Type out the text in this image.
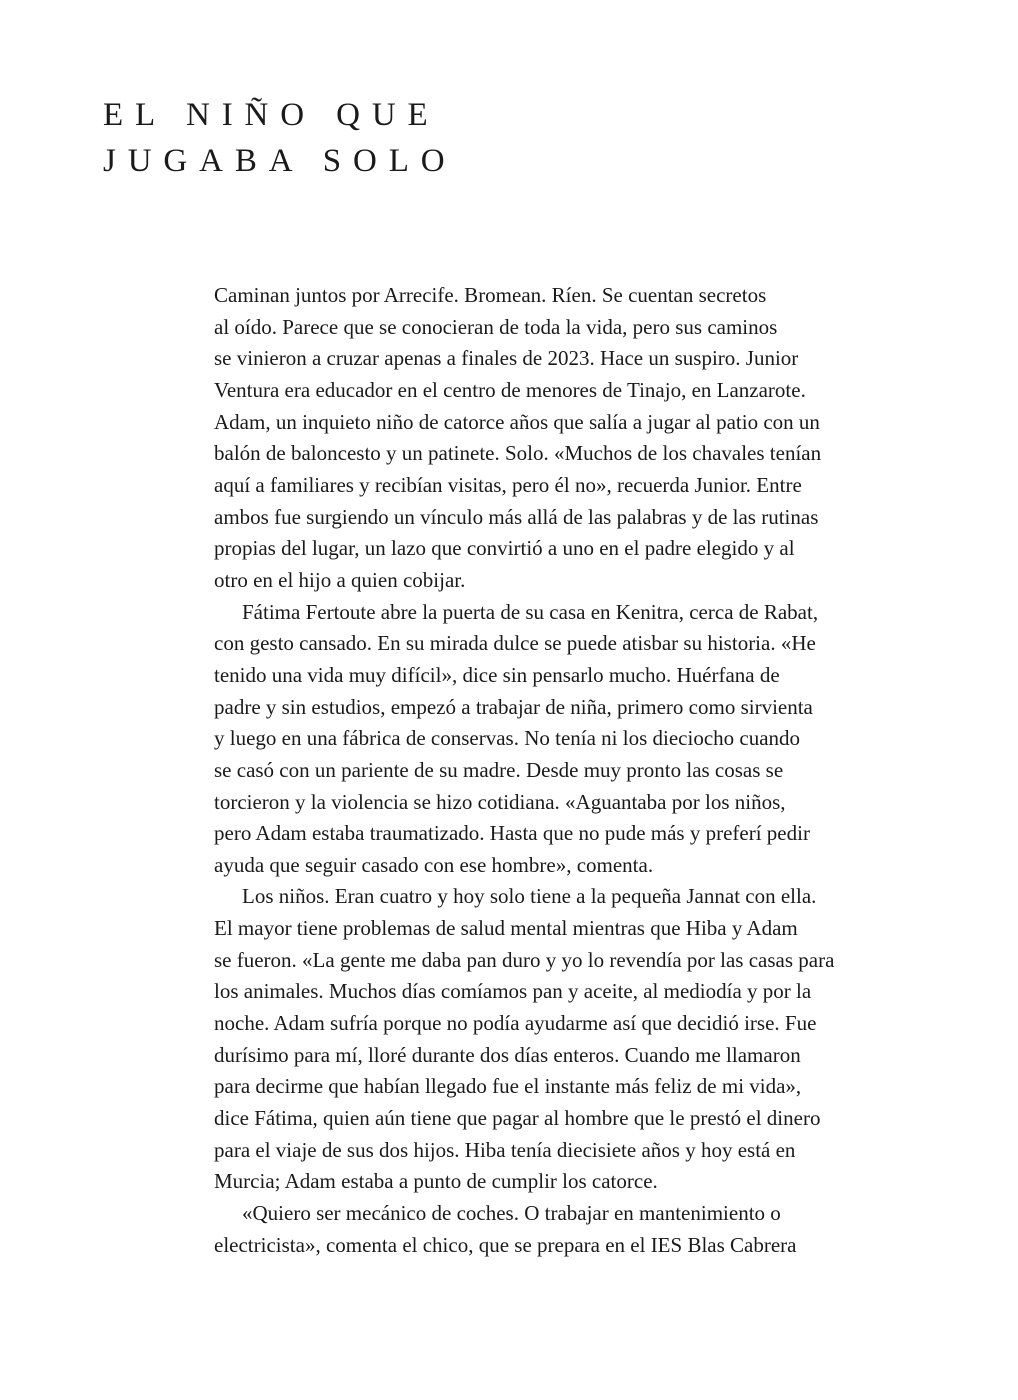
EL NIÑO QUE
JUGABA SOLO

Caminan juntos por Arrecife. Bromean. Ríen. Se cuentan secretos
al oído. Parece que se conocieran de toda la vida, pero sus caminos
se vinieron a cruzar apenas a finales de 2023. Hace un suspiro. Junior
Ventura era educador en el centro de menores de Tinajo, en Lanzarote.
Adam, un inquieto niño de catorce años que salía a jugar al patio con un
balón de baloncesto y un patinete. Solo. «Muchos de los chavales tenían
aquí a familiares y recibían visitas, pero él no», recuerda Junior. Entre
ambos fue surgiendo un vínculo más allá de las palabras y de las rutinas
propias del lugar, un lazo que convirtió a uno en el padre elegido y al
otro en el hijo a quien cobijar.

Fátima Fertoute abre la puerta de su casa en Kenitra, cerca de Rabat,
con gesto cansado. En su mirada dulce se puede atisbar su historia. «He
tenido una vida muy difícil», dice sin pensarlo mucho. Huérfana de
padre y sin estudios, empezó a trabajar de niña, primero como sirvienta
y luego en una fábrica de conservas. No tenía ni los dieciocho cuando
se casó con un pariente de su madre. Desde muy pronto las cosas se
torcieron y la violencia se hizo cotidiana. «Aguantaba por los niños,
pero Adam estaba traumatizado. Hasta que no pude más y preferí pedir
ayuda que seguir casado con ese hombre», comenta.

Los niños. Eran cuatro y hoy solo tiene a la pequeña Jannat con ella.
El mayor tiene problemas de salud mental mientras que Hiba y Adam
se fueron. «La gente me daba pan duro y yo lo revendía por las casas para
los animales. Muchos días comíamos pan y aceite, al mediodía y por la
noche. Adam sufría porque no podía ayudarme así que decidió irse. Fue
durísimo para mí, lloré durante dos días enteros. Cuando me llamaron
para decirme que habían llegado fue el instante más feliz de mi vida»,
dice Fátima, quien aún tiene que pagar al hombre que le prestó el dinero
para el viaje de sus dos hijos. Hiba tenía diecisiete años y hoy está en
Murcia; Adam estaba a punto de cumplir los catorce.

«Quiero ser mecánico de coches. O trabajar en mantenimiento o
electricista», comenta el chico, que se prepara en el IES Blas Cabrera
